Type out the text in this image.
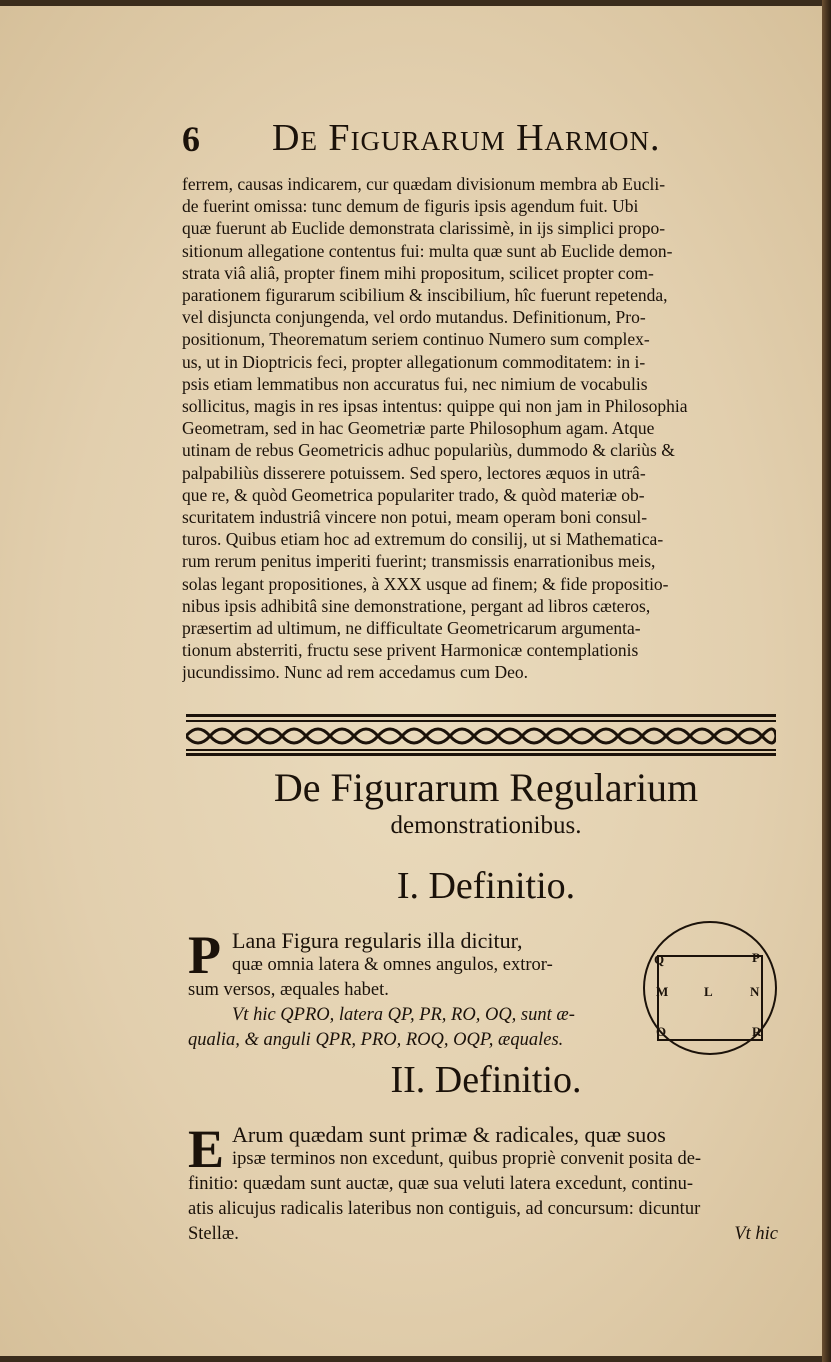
6 De Figurarum Harmon.
ferrem, causas indicarem, cur quædam divisionum membra ab Eucli-
de fuerint omissa: tunc demum de figuris ipsis agendum fuit. Ubi
quæ fuerunt ab Euclide demonstrata clarissimè, in ijs simplici propo-
sitionum allegatione contentus fui: multa quæ sunt ab Euclide demon-
strata viâ aliâ, propter finem mihi propositum, scilicet propter com-
parationem figurarum scibilium & inscibilium, hîc fuerunt repetenda,
vel disjuncta conjungenda, vel ordo mutandus. Definitionum, Pro-
positionum, Theorematum seriem continuo Numero sum complex-
us, ut in Dioptricis feci, propter allegationum commoditatem: in i-
psis etiam lemmatibus non accuratus fui, nec nimium de vocabulis
sollicitus, magis in res ipsas intentus: quippe qui non jam in Philosophia
Geometram, sed in hac Geometriæ parte Philosophum agam. Atque
utinam de rebus Geometricis adhuc populariùs, dummodo & clariùs &
palpabiliùs disserere potuissem. Sed spero, lectores æquos in utrâ-
que re, & quòd Geometrica populariter trado, & quòd materiæ ob-
scuritatem industriâ vincere non potui, meam operam boni consul-
turos. Quibus etiam hoc ad extremum do consilij, ut si Mathematica-
rum rerum penitus imperiti fuerint; transmissis enarrationibus meis,
solas legant propositiones, à XXX usque ad finem; & fide propositio-
nibus ipsis adhibitâ sine demonstratione, pergant ad libros cæteros,
præsertim ad ultimum, ne difficultate Geometricarum argumenta-
tionum absterriti, fructu sese privent Harmonicæ contemplationis
jucundissimo. Nunc ad rem accedamus cum Deo.
De Figurarum Regularium
demonstrationibus.
I. Definitio.
P Lana Figura regularis illa dicitur,
quæ omnia latera & omnes angulos, extror-
sum versos, æquales habet.
Vt hic QPRO, latera QP, PR, RO, OQ, sunt æ-
qualia, & anguli QPR, PRO, ROQ, OQP, æquales.
Q	P
M	L	N
O	R
II. Definitio.
E Arum quædam sunt primæ & radicales, quæ suos
ipsæ terminos non excedunt, quibus propriè convenit posita de-
finitio: quædam sunt auctæ, quæ sua veluti latera excedunt, continu-
atis alicujus radicalis lateribus non contiguis, ad concursum: dicuntur
Stellæ.	Vt hic
